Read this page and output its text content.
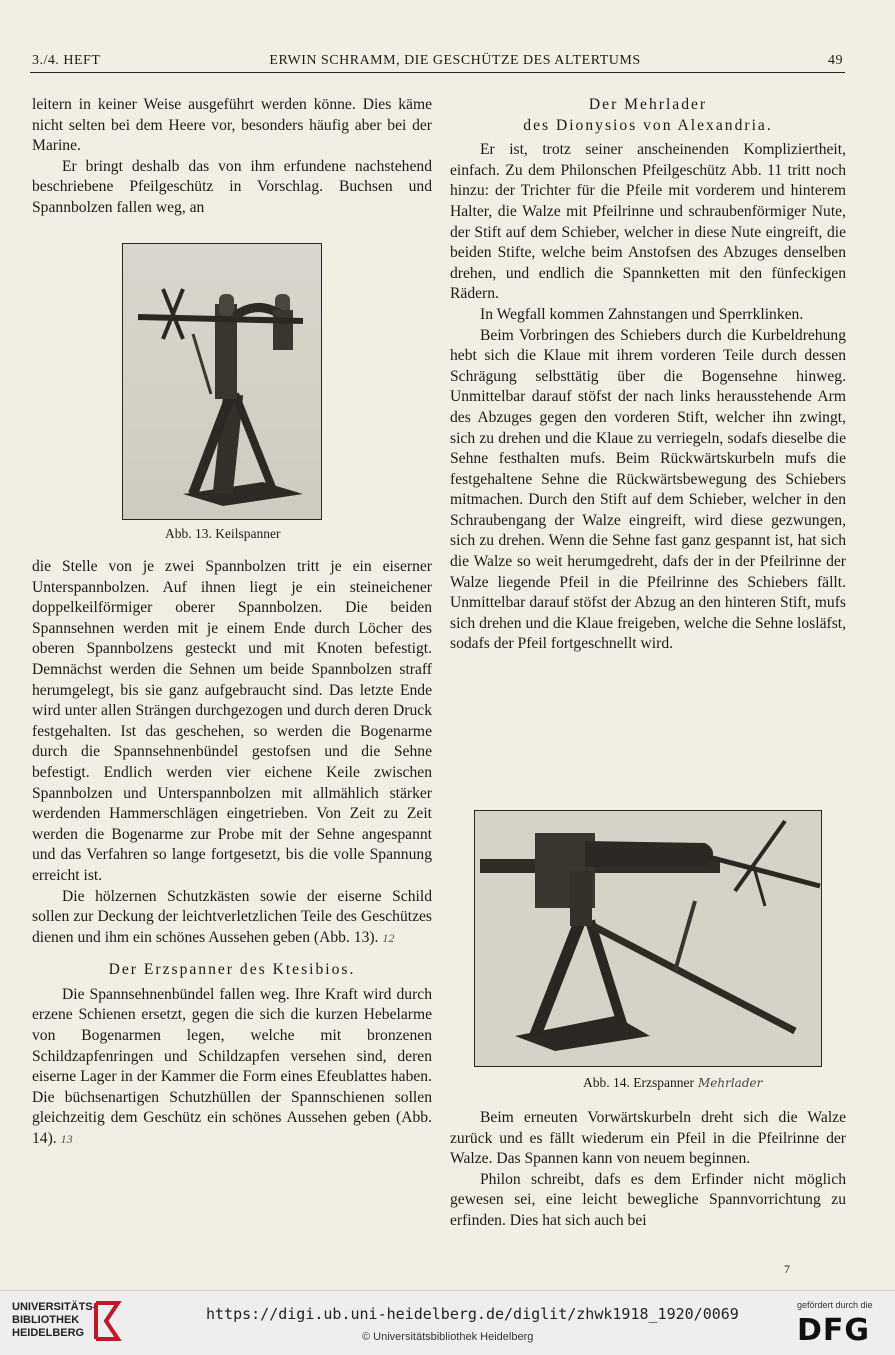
3./4. HEFT	ERWIN SCHRAMM, DIE GESCHÜTZE DES ALTERTUMS	49

leitern in keiner Weise ausgeführt werden könne. Dies käme nicht selten bei dem Heere vor, besonders häufig aber bei der Marine.

Er bringt deshalb das von ihm erfundene nachstehend beschriebene Pfeilgeschütz in Vorschlag. Buchsen und Spannbolzen fallen weg, an

Abb. 13. Keilspanner

die Stelle von je zwei Spannbolzen tritt je ein eiserner Unterspannbolzen. Auf ihnen liegt je ein steineichener doppelkeilförmiger oberer Spannbolzen. Die beiden Spannsehnen werden mit je einem Ende durch Löcher des oberen Spannbolzens gesteckt und mit Knoten befestigt. Demnächst werden die Sehnen um beide Spannbolzen straff herumgelegt, bis sie ganz aufgebraucht sind. Das letzte Ende wird unter allen Strängen durchgezogen und durch deren Druck festgehalten. Ist das geschehen, so werden die Bogenarme durch die Spannsehnenbündel gestofsen und die Sehne befestigt. Endlich werden vier eichene Keile zwischen Spannbolzen und Unterspannbolzen mit allmählich stärker werdenden Hammerschlägen eingetrieben. Von Zeit zu Zeit werden die Bogenarme zur Probe mit der Sehne angespannt und das Verfahren so lange fortgesetzt, bis die volle Spannung erreicht ist.

Die hölzernen Schutzkästen sowie der eiserne Schild sollen zur Deckung der leichtverletzlichen Teile des Geschützes dienen und ihm ein schönes Aussehen geben (Abb. 13). 12

Der Erzspanner des Ktesibios.

Die Spannsehnenbündel fallen weg. Ihre Kraft wird durch erzene Schienen ersetzt, gegen die sich die kurzen Hebelarme von Bogenarmen legen, welche mit bronzenen Schildzapfenringen und Schildzapfen versehen sind, deren eiserne Lager in der Kammer die Form eines Efeublattes haben. Die büchsenartigen Schutzhüllen der Spannschienen sollen gleichzeitig dem Geschütz ein schönes Aussehen geben (Abb. 14). 13

Der Mehrlader

des Dionysios von Alexandria.

Er ist, trotz seiner anscheinenden Kompliziertheit, einfach. Zu dem Philonschen Pfeilgeschütz Abb. 11 tritt noch hinzu: der Trichter für die Pfeile mit vorderem und hinterem Halter, die Walze mit Pfeilrinne und schraubenförmiger Nute, der Stift auf dem Schieber, welcher in diese Nute eingreift, die beiden Stifte, welche beim Anstofsen des Abzuges denselben drehen, und endlich die Spannketten mit den fünfeckigen Rädern.

In Wegfall kommen Zahnstangen und Sperrklinken.

Beim Vorbringen des Schiebers durch die Kurbeldrehung hebt sich die Klaue mit ihrem vorderen Teile durch dessen Schrägung selbsttätig über die Bogensehne hinweg. Unmittelbar darauf stöfst der nach links herausstehende Arm des Abzuges gegen den vorderen Stift, welcher ihn zwingt, sich zu drehen und die Klaue zu verriegeln, sodafs dieselbe die Sehne festhalten mufs. Beim Rückwärtskurbeln mufs die festgehaltene Sehne die Rückwärtsbewegung des Schiebers mitmachen. Durch den Stift auf dem Schieber, welcher in den Schraubengang der Walze eingreift, wird diese gezwungen, sich zu drehen. Wenn die Sehne fast ganz gespannt ist, hat sich die Walze so weit herumgedreht, dafs der in der Pfeilrinne der Walze liegende Pfeil in die Pfeilrinne des Schiebers fällt. Unmittelbar darauf stöfst der Abzug an den hinteren Stift, mufs sich drehen und die Klaue freigeben, welche die Sehne losläfst, sodafs der Pfeil fortgeschnellt wird.

Abb. 14. Erzspanner Mehrlader

Beim erneuten Vorwärtskurbeln dreht sich die Walze zurück und es fällt wiederum ein Pfeil in die Pfeilrinne der Walze. Das Spannen kann von neuem beginnen.

Philon schreibt, dafs es dem Erfinder nicht möglich gewesen sei, eine leicht bewegliche Spannvorrichtung zu erfinden. Dies hat sich auch bei

7
UNIVERSITÄTS-
BIBLIOTHEK
HEIDELBERG
https://digi.ub.uni-heidelberg.de/diglit/zhwk1918_1920/0069
© Universitätsbibliothek Heidelberg
gefördert durch die
DFG
